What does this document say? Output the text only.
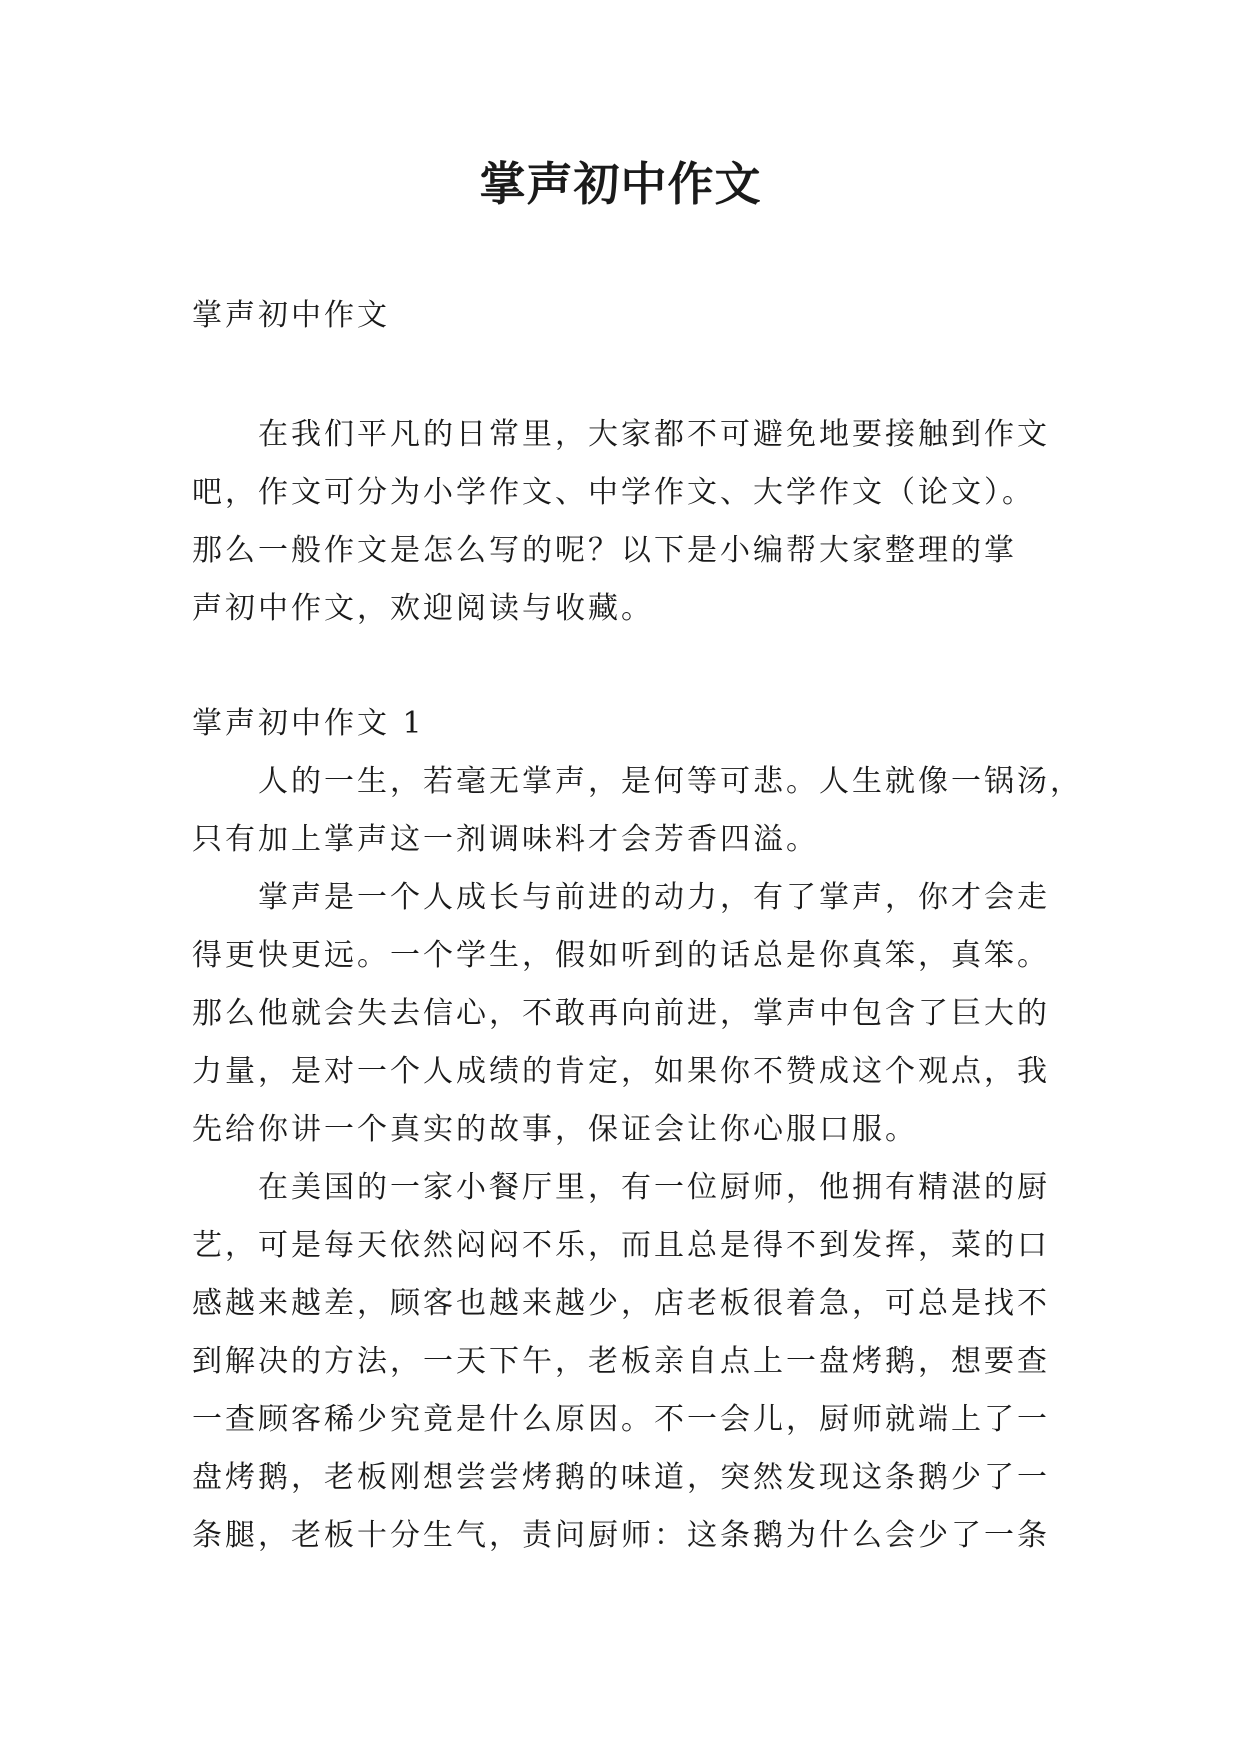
掌声初中作文

掌声初中作文

在我们平凡的日常里，大家都不可避免地要接触到作文
吧，作文可分为小学作文、中学作文、大学作文（论文）。
那么一般作文是怎么写的呢？以下是小编帮大家整理的掌
声初中作文，欢迎阅读与收藏。

掌声初中作文 1

人的一生，若毫无掌声，是何等可悲。人生就像一锅汤，
只有加上掌声这一剂调味料才会芳香四溢。
掌声是一个人成长与前进的动力，有了掌声，你才会走
得更快更远。一个学生，假如听到的话总是你真笨，真笨。
那么他就会失去信心，不敢再向前进，掌声中包含了巨大的
力量，是对一个人成绩的肯定，如果你不赞成这个观点，我
先给你讲一个真实的故事，保证会让你心服口服。
在美国的一家小餐厅里，有一位厨师，他拥有精湛的厨
艺，可是每天依然闷闷不乐，而且总是得不到发挥，菜的口
感越来越差，顾客也越来越少，店老板很着急，可总是找不
到解决的方法，一天下午，老板亲自点上一盘烤鹅，想要查
一查顾客稀少究竟是什么原因。不一会儿，厨师就端上了一
盘烤鹅，老板刚想尝尝烤鹅的味道，突然发现这条鹅少了一
条腿，老板十分生气，责问厨师：这条鹅为什么会少了一条
